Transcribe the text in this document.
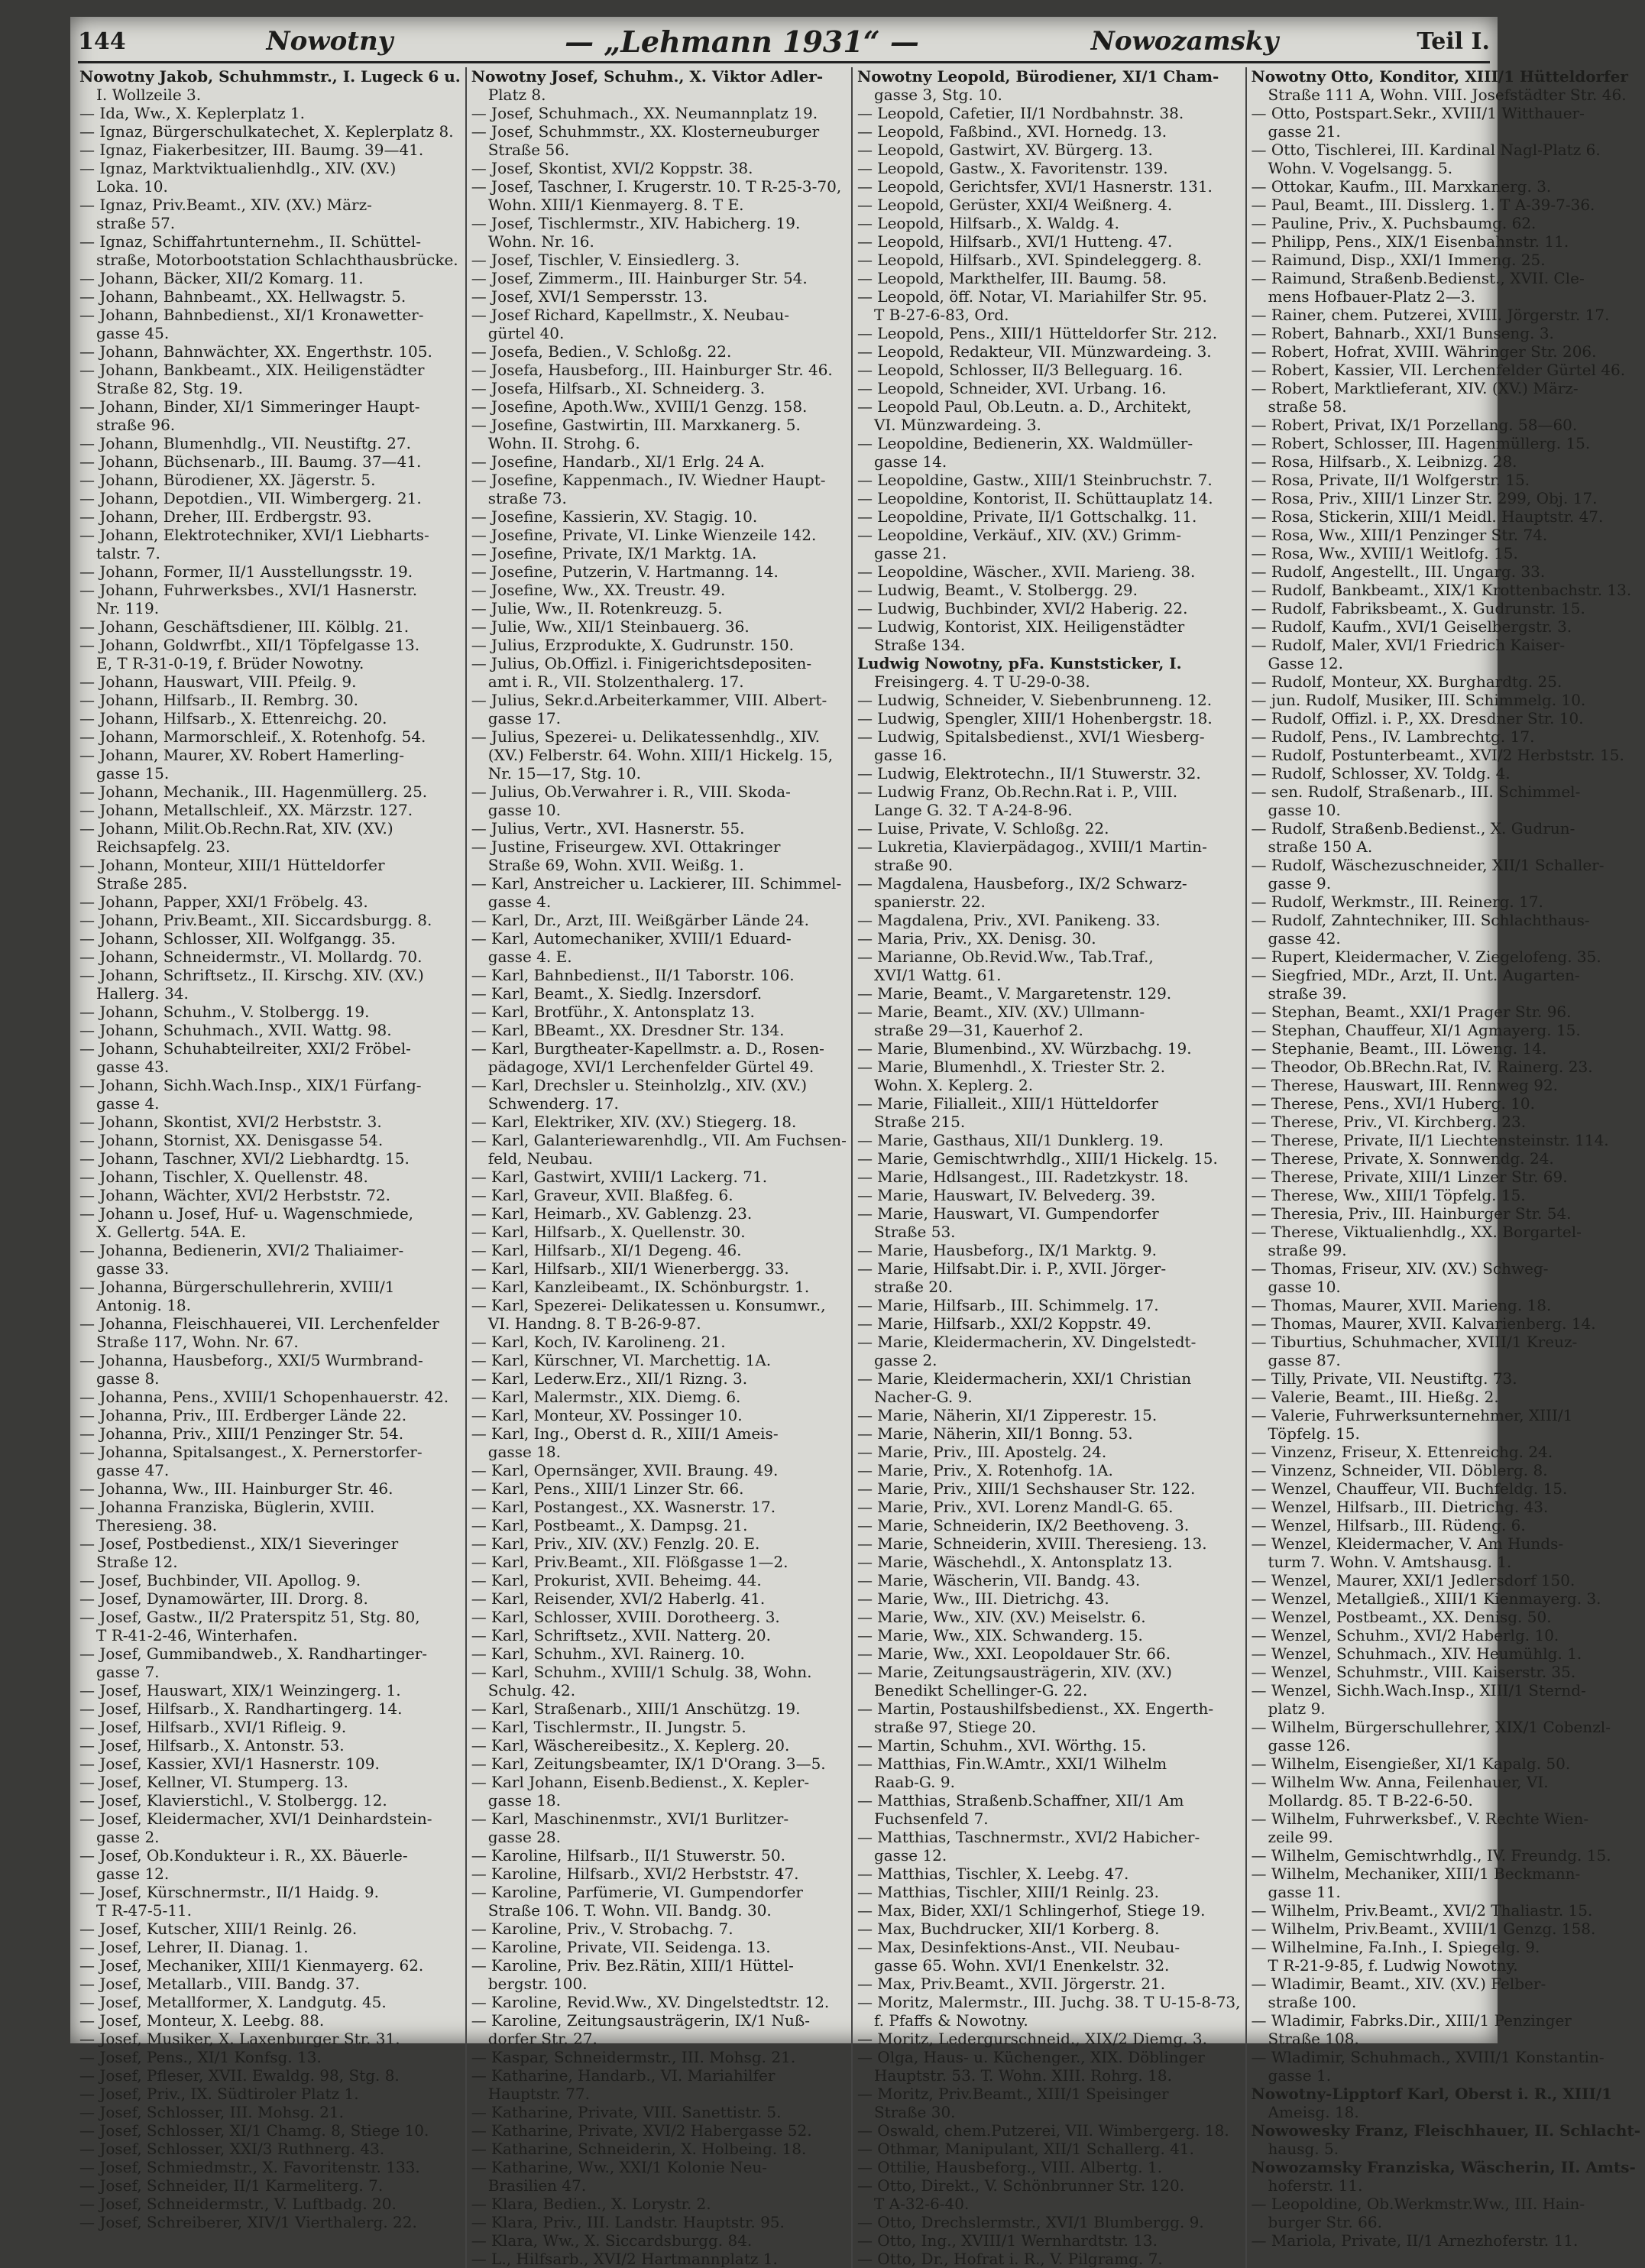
144	Nowotny	— „Lehmann 1931“ —	Nowozamsky	Teil I.
Nowotny Jakob, Schuhmmstr., I. Lugeck 6 u.
I. Wollzeile 3.
— Ida, Ww., X. Keplerplatz 1.
— Ignaz, Bürgerschulkatechet, X. Keplerplatz 8.
— Ignaz, Fiakerbesitzer, III. Baumg. 39—41.
— Ignaz, Marktviktualienhdlg., XIV. (XV.)
Loka. 10.
— Ignaz, Priv.Beamt., XIV. (XV.) März-
straße 57.
— Ignaz, Schiffahrtunternehm., II. Schüttel-
straße, Motorbootstation Schlachthausbrücke.
— Johann, Bäcker, XII/2 Komarg. 11.
— Johann, Bahnbeamt., XX. Hellwagstr. 5.
— Johann, Bahnbedienst., XI/1 Kronawetter-
gasse 45.
— Johann, Bahnwächter, XX. Engerthstr. 105.
— Johann, Bankbeamt., XIX. Heiligenstädter
Straße 82, Stg. 19.
— Johann, Binder, XI/1 Simmeringer Haupt-
straße 96.
— Johann, Blumenhdlg., VII. Neustiftg. 27.
— Johann, Büchsenarb., III. Baumg. 37—41.
— Johann, Bürodiener, XX. Jägerstr. 5.
— Johann, Depotdien., VII. Wimbergerg. 21.
— Johann, Dreher, III. Erdbergstr. 93.
— Johann, Elektrotechniker, XVI/1 Liebharts-
talstr. 7.
— Johann, Former, II/1 Ausstellungsstr. 19.
— Johann, Fuhrwerksbes., XVI/1 Hasnerstr.
Nr. 119.
— Johann, Geschäftsdiener, III. Kölblg. 21.
— Johann, Goldwrfbt., XII/1 Töpfelgasse 13.
E, T R-31-0-19, f. Brüder Nowotny.
— Johann, Hauswart, VIII. Pfeilg. 9.
— Johann, Hilfsarb., II. Rembrg. 30.
— Johann, Hilfsarb., X. Ettenreichg. 20.
— Johann, Marmorschleif., X. Rotenhofg. 54.
— Johann, Maurer, XV. Robert Hamerling-
gasse 15.
— Johann, Mechanik., III. Hagenmüllerg. 25.
— Johann, Metallschleif., XX. Märzstr. 127.
— Johann, Milit.Ob.Rechn.Rat, XIV. (XV.)
Reichsapfelg. 23.
— Johann, Monteur, XIII/1 Hütteldorfer
Straße 285.
— Johann, Papper, XXI/1 Fröbelg. 43.
— Johann, Priv.Beamt., XII. Siccardsburgg. 8.
— Johann, Schlosser, XII. Wolfgangg. 35.
— Johann, Schneidermstr., VI. Mollardg. 70.
— Johann, Schriftsetz., II. Kirschg. XIV. (XV.)
Hallerg. 34.
— Johann, Schuhm., V. Stolbergg. 19.
— Johann, Schuhmach., XVII. Wattg. 98.
— Johann, Schuhabteilreiter, XXI/2 Fröbel-
gasse 43.
— Johann, Sichh.Wach.Insp., XIX/1 Fürfang-
gasse 4.
— Johann, Skontist, XVI/2 Herbststr. 3.
— Johann, Stornist, XX. Denisgasse 54.
— Johann, Taschner, XVI/2 Liebhardtg. 15.
— Johann, Tischler, X. Quellenstr. 48.
— Johann, Wächter, XVI/2 Herbststr. 72.
— Johann u. Josef, Huf- u. Wagenschmiede,
X. Gellertg. 54A. E.
— Johanna, Bedienerin, XVI/2 Thaliaimer-
gasse 33.
— Johanna, Bürgerschullehrerin, XVIII/1
Antonig. 18.
— Johanna, Fleischhauerei, VII. Lerchenfelder
Straße 117, Wohn. Nr. 67.
— Johanna, Hausbeforg., XXI/5 Wurmbrand-
gasse 8.
— Johanna, Pens., XVIII/1 Schopenhauerstr. 42.
— Johanna, Priv., III. Erdberger Lände 22.
— Johanna, Priv., XIII/1 Penzinger Str. 54.
— Johanna, Spitalsangest., X. Pernerstorfer-
gasse 47.
— Johanna, Ww., III. Hainburger Str. 46.
— Johanna Franziska, Büglerin, XVIII.
Theresieng. 38.
— Josef, Postbedienst., XIX/1 Sieveringer
Straße 12.
— Josef, Buchbinder, VII. Apollog. 9.
— Josef, Dynamowärter, III. Drorg. 8.
— Josef, Gastw., II/2 Praterspitz 51, Stg. 80,
T R-41-2-46, Winterhafen.
— Josef, Gummibandweb., X. Randhartinger-
gasse 7.
— Josef, Hauswart, XIX/1 Weinzingerg. 1.
— Josef, Hilfsarb., X. Randhartingerg. 14.
— Josef, Hilfsarb., XVI/1 Rifleig. 9.
— Josef, Hilfsarb., X. Antonstr. 53.
— Josef, Kassier, XVI/1 Hasnerstr. 109.
— Josef, Kellner, VI. Stumperg. 13.
— Josef, Klavierstichl., V. Stolbergg. 12.
— Josef, Kleidermacher, XVI/1 Deinhardstein-
gasse 2.
— Josef, Ob.Kondukteur i. R., XX. Bäuerle-
gasse 12.
— Josef, Kürschnermstr., II/1 Haidg. 9.
T R-47-5-11.
— Josef, Kutscher, XIII/1 Reinlg. 26.
— Josef, Lehrer, II. Dianag. 1.
— Josef, Mechaniker, XIII/1 Kienmayerg. 62.
— Josef, Metallarb., VIII. Bandg. 37.
— Josef, Metallformer, X. Landgutg. 45.
— Josef, Monteur, X. Leebg. 88.
— Josef, Musiker, X. Laxenburger Str. 31.
— Josef, Pens., XI/1 Konfsg. 13.
— Josef, Pfleser, XVII. Ewaldg. 98, Stg. 8.
— Josef, Priv., IX. Südtiroler Platz 1.
— Josef, Schlosser, III. Mohsg. 21.
— Josef, Schlosser, XI/1 Chamg. 8, Stiege 10.
— Josef, Schlosser, XXI/3 Ruthnerg. 43.
— Josef, Schmiedmstr., X. Favoritenstr. 133.
— Josef, Schneider, II/1 Karmeliterg. 7.
— Josef, Schneidermstr., V. Luftbadg. 20.
— Josef, Schreiberer, XIV/1 Vierthalerg. 22.
Nowotny Josef, Schuhm., X. Viktor Adler-
Platz 8.
— Josef, Schuhmach., XX. Neumannplatz 19.
— Josef, Schuhmmstr., XX. Klosterneuburger
Straße 56.
— Josef, Skontist, XVI/2 Koppstr. 38.
— Josef, Taschner, I. Krugerstr. 10. T R-25-3-70,
Wohn. XIII/1 Kienmayerg. 8. T E.
— Josef, Tischlermstr., XIV. Habicherg. 19.
Wohn. Nr. 16.
— Josef, Tischler, V. Einsiedlerg. 3.
— Josef, Zimmerm., III. Hainburger Str. 54.
— Josef, XVI/1 Sempersstr. 13.
— Josef Richard, Kapellmstr., X. Neubau-
gürtel 40.
— Josefa, Bedien., V. Schloßg. 22.
— Josefa, Hausbeforg., III. Hainburger Str. 46.
— Josefa, Hilfsarb., XI. Schneiderg. 3.
— Josefine, Apoth.Ww., XVIII/1 Genzg. 158.
— Josefine, Gastwirtin, III. Marxkanerg. 5.
Wohn. II. Strohg. 6.
— Josefine, Handarb., XI/1 Erlg. 24 A.
— Josefine, Kappenmach., IV. Wiedner Haupt-
straße 73.
— Josefine, Kassierin, XV. Stagig. 10.
— Josefine, Private, VI. Linke Wienzeile 142.
— Josefine, Private, IX/1 Marktg. 1A.
— Josefine, Putzerin, V. Hartmanng. 14.
— Josefine, Ww., XX. Treustr. 49.
— Julie, Ww., II. Rotenkreuzg. 5.
— Julie, Ww., XII/1 Steinbauerg. 36.
— Julius, Erzprodukte, X. Gudrunstr. 150.
— Julius, Ob.Offizl. i. Finigerichtsdepositen-
amt i. R., VII. Stolzenthalerg. 17.
— Julius, Sekr.d.Arbeiterkammer, VIII. Albert-
gasse 17.
— Julius, Spezerei- u. Delikatessenhdlg., XIV.
(XV.) Felberstr. 64. Wohn. XIII/1 Hickelg. 15,
Nr. 15—17, Stg. 10.
— Julius, Ob.Verwahrer i. R., VIII. Skoda-
gasse 10.
— Julius, Vertr., XVI. Hasnerstr. 55.
— Justine, Friseurgew. XVI. Ottakringer
Straße 69, Wohn. XVII. Weißg. 1.
— Karl, Anstreicher u. Lackierer, III. Schimmel-
gasse 4.
— Karl, Dr., Arzt, III. Weißgärber Lände 24.
— Karl, Automechaniker, XVIII/1 Eduard-
gasse 4. E.
— Karl, Bahnbedienst., II/1 Taborstr. 106.
— Karl, Beamt., X. Siedlg. Inzersdorf.
— Karl, Brotführ., X. Antonsplatz 13.
— Karl, BBeamt., XX. Dresdner Str. 134.
— Karl, Burgtheater-Kapellmstr. a. D., Rosen-
pädagoge, XVI/1 Lerchenfelder Gürtel 49.
— Karl, Drechsler u. Steinholzlg., XIV. (XV.)
Schwenderg. 17.
— Karl, Elektriker, XIV. (XV.) Stiegerg. 18.
— Karl, Galanteriewarenhdlg., VII. Am Fuchsen-
feld, Neubau.
— Karl, Gastwirt, XVIII/1 Lackerg. 71.
— Karl, Graveur, XVII. Blaßfeg. 6.
— Karl, Heimarb., XV. Gablenzg. 23.
— Karl, Hilfsarb., X. Quellenstr. 30.
— Karl, Hilfsarb., XI/1 Degeng. 46.
— Karl, Hilfsarb., XII/1 Wienerbergg. 33.
— Karl, Kanzleibeamt., IX. Schönburgstr. 1.
— Karl, Spezerei- Delikatessen u. Konsumwr.,
VI. Handng. 8. T B-26-9-87.
— Karl, Koch, IV. Karolineng. 21.
— Karl, Kürschner, VI. Marchettig. 1A.
— Karl, Lederw.Erz., XII/1 Rizng. 3.
— Karl, Malermstr., XIX. Diemg. 6.
— Karl, Monteur, XV. Possinger 10.
— Karl, Ing., Oberst d. R., XIII/1 Ameis-
gasse 18.
— Karl, Opernsänger, XVII. Braung. 49.
— Karl, Pens., XIII/1 Linzer Str. 66.
— Karl, Postangest., XX. Wasnerstr. 17.
— Karl, Postbeamt., X. Dampsg. 21.
— Karl, Priv., XIV. (XV.) Fenzlg. 20. E.
— Karl, Priv.Beamt., XII. Flößgasse 1—2.
— Karl, Prokurist, XVII. Beheimg. 44.
— Karl, Reisender, XVI/2 Haberlg. 41.
— Karl, Schlosser, XVIII. Dorotheerg. 3.
— Karl, Schriftsetz., XVII. Natterg. 20.
— Karl, Schuhm., XVI. Rainerg. 10.
— Karl, Schuhm., XVIII/1 Schulg. 38, Wohn.
Schulg. 42.
— Karl, Straßenarb., XIII/1 Anschützg. 19.
— Karl, Tischlermstr., II. Jungstr. 5.
— Karl, Wäschereibesitz., X. Keplerg. 20.
— Karl, Zeitungsbeamter, IX/1 D'Orang. 3—5.
— Karl Johann, Eisenb.Bedienst., X. Kepler-
gasse 18.
— Karl, Maschinenmstr., XVI/1 Burlitzer-
gasse 28.
— Karoline, Hilfsarb., II/1 Stuwerstr. 50.
— Karoline, Hilfsarb., XVI/2 Herbststr. 47.
— Karoline, Parfümerie, VI. Gumpendorfer
Straße 106. T. Wohn. VII. Bandg. 30.
— Karoline, Priv., V. Strobachg. 7.
— Karoline, Private, VII. Seidenga. 13.
— Karoline, Priv. Bez.Rätin, XIII/1 Hüttel-
bergstr. 100.
— Karoline, Revid.Ww., XV. Dingelstedtstr. 12.
— Karoline, Zeitungsausträgerin, IX/1 Nuß-
dorfer Str. 27.
— Kaspar, Schneidermstr., III. Mohsg. 21.
— Katharine, Handarb., VI. Mariahilfer
Hauptstr. 77.
— Katharine, Private, VIII. Sanettistr. 5.
— Katharine, Private, XVI/2 Habergasse 52.
— Katharine, Schneiderin, X. Holbeing. 18.
— Katharine, Ww., XXI/1 Kolonie Neu-
Brasilien 47.
— Klara, Bedien., X. Lorystr. 2.
— Klara, Priv., III. Landstr. Hauptstr. 95.
— Klara, Ww., X. Siccardsburgg. 84.
— L., Hilfsarb., XVI/2 Hartmannplatz 1.
Nowotny Leopold, Bürodiener, XI/1 Cham-
gasse 3, Stg. 10.
— Leopold, Cafetier, II/1 Nordbahnstr. 38.
— Leopold, Faßbind., XVI. Hornedg. 13.
— Leopold, Gastwirt, XV. Bürgerg. 13.
— Leopold, Gastw., X. Favoritenstr. 139.
— Leopold, Gerichtsfer, XVI/1 Hasnerstr. 131.
— Leopold, Gerüster, XXI/4 Weißnerg. 4.
— Leopold, Hilfsarb., X. Waldg. 4.
— Leopold, Hilfsarb., XVI/1 Hutteng. 47.
— Leopold, Hilfsarb., XVI. Spindeleggerg. 8.
— Leopold, Markthelfer, III. Baumg. 58.
— Leopold, öff. Notar, VI. Mariahilfer Str. 95.
T B-27-6-83, Ord.
— Leopold, Pens., XIII/1 Hütteldorfer Str. 212.
— Leopold, Redakteur, VII. Münzwardeing. 3.
— Leopold, Schlosser, II/3 Belleguarg. 16.
— Leopold, Schneider, XVI. Urbang. 16.
— Leopold Paul, Ob.Leutn. a. D., Architekt,
VI. Münzwardeing. 3.
— Leopoldine, Bedienerin, XX. Waldmüller-
gasse 14.
— Leopoldine, Gastw., XIII/1 Steinbruchstr. 7.
— Leopoldine, Kontorist, II. Schüttauplatz 14.
— Leopoldine, Private, II/1 Gottschalkg. 11.
— Leopoldine, Verkäuf., XIV. (XV.) Grimm-
gasse 21.
— Leopoldine, Wäscher., XVII. Marieng. 38.
— Ludwig, Beamt., V. Stolbergg. 29.
— Ludwig, Buchbinder, XVI/2 Haberig. 22.
— Ludwig, Kontorist, XIX. Heiligenstädter
Straße 134.
Ludwig Nowotny, pFa. Kunststicker, I.
Freisingerg. 4. T U-29-0-38.
— Ludwig, Schneider, V. Siebenbrunneng. 12.
— Ludwig, Spengler, XIII/1 Hohenbergstr. 18.
— Ludwig, Spitalsbedienst., XVI/1 Wiesberg-
gasse 16.
— Ludwig, Elektrotechn., II/1 Stuwerstr. 32.
— Ludwig Franz, Ob.Rechn.Rat i. P., VIII.
Lange G. 32. T A-24-8-96.
— Luise, Private, V. Schloßg. 22.
— Lukretia, Klavierpädagog., XVIII/1 Martin-
straße 90.
— Magdalena, Hausbeforg., IX/2 Schwarz-
spanierstr. 22.
— Magdalena, Priv., XVI. Panikeng. 33.
— Maria, Priv., XX. Denisg. 30.
— Marianne, Ob.Revid.Ww., Tab.Traf.,
XVI/1 Wattg. 61.
— Marie, Beamt., V. Margaretenstr. 129.
— Marie, Beamt., XIV. (XV.) Ullmann-
straße 29—31, Kauerhof 2.
— Marie, Blumenbind., XV. Würzbachg. 19.
— Marie, Blumenhdl., X. Triester Str. 2.
Wohn. X. Keplerg. 2.
— Marie, Filialleit., XIII/1 Hütteldorfer
Straße 215.
— Marie, Gasthaus, XII/1 Dunklerg. 19.
— Marie, Gemischtwrhdlg., XIII/1 Hickelg. 15.
— Marie, Hdlsangest., III. Radetzkystr. 18.
— Marie, Hauswart, IV. Belvederg. 39.
— Marie, Hauswart, VI. Gumpendorfer
Straße 53.
— Marie, Hausbeforg., IX/1 Marktg. 9.
— Marie, Hilfsabt.Dir. i. P., XVII. Jörger-
straße 20.
— Marie, Hilfsarb., III. Schimmelg. 17.
— Marie, Hilfsarb., XXI/2 Koppstr. 49.
— Marie, Kleidermacherin, XV. Dingelstedt-
gasse 2.
— Marie, Kleidermacherin, XXI/1 Christian
Nacher-G. 9.
— Marie, Näherin, XI/1 Zipperestr. 15.
— Marie, Näherin, XII/1 Bonng. 53.
— Marie, Priv., III. Apostelg. 24.
— Marie, Priv., X. Rotenhofg. 1A.
— Marie, Priv., XIII/1 Sechshauser Str. 122.
— Marie, Priv., XVI. Lorenz Mandl-G. 65.
— Marie, Schneiderin, IX/2 Beethoveng. 3.
— Marie, Schneiderin, XVIII. Theresieng. 13.
— Marie, Wäschehdl., X. Antonsplatz 13.
— Marie, Wäscherin, VII. Bandg. 43.
— Marie, Ww., III. Dietrichg. 43.
— Marie, Ww., XIV. (XV.) Meiselstr. 6.
— Marie, Ww., XIX. Schwanderg. 15.
— Marie, Ww., XXI. Leopoldauer Str. 66.
— Marie, Zeitungsausträgerin, XIV. (XV.)
Benedikt Schellinger-G. 22.
— Martin, Postaushilfsbedienst., XX. Engerth-
straße 97, Stiege 20.
— Martin, Schuhm., XVI. Wörthg. 15.
— Matthias, Fin.W.Amtr., XXI/1 Wilhelm
Raab-G. 9.
— Matthias, Straßenb.Schaffner, XII/1 Am
Fuchsenfeld 7.
— Matthias, Taschnermstr., XVI/2 Habicher-
gasse 12.
— Matthias, Tischler, X. Leebg. 47.
— Matthias, Tischler, XIII/1 Reinlg. 23.
— Max, Bider, XXI/1 Schlingerhof, Stiege 19.
— Max, Buchdrucker, XII/1 Korberg. 8.
— Max, Desinfektions-Anst., VII. Neubau-
gasse 65. Wohn. XVI/1 Enenkelstr. 32.
— Max, Priv.Beamt., XVII. Jörgerstr. 21.
— Moritz, Malermstr., III. Juchg. 38. T U-15-8-73,
f. Pfaffs & Nowotny.
— Moritz, Ledergurschneid., XIX/2 Diemg. 3.
— Olga, Haus- u. Küchenger., XIX. Döblinger
Hauptstr. 53. T. Wohn. XIII. Rohrg. 18.
— Moritz, Priv.Beamt., XIII/1 Speisinger
Straße 30.
— Oswald, chem.Putzerei, VII. Wimbergerg. 18.
— Othmar, Manipulant, XII/1 Schallerg. 41.
— Ottilie, Hausbeforg., VIII. Albertg. 1.
— Otto, Direkt., V. Schönbrunner Str. 120.
T A-32-6-40.
— Otto, Drechslermstr., XVI/1 Blumbergg. 9.
— Otto, Ing., XVIII/1 Wernhardtstr. 13.
— Otto, Dr., Hofrat i. R., V. Pilgramg. 7.
Nowotny Otto, Konditor, XIII/1 Hütteldorfer
Straße 111 A, Wohn. VIII. Josefstädter Str. 46.
— Otto, Postspart.Sekr., XVIII/1 Witthauer-
gasse 21.
— Otto, Tischlerei, III. Kardinal Nagl-Platz 6.
Wohn. V. Vogelsangg. 5.
— Ottokar, Kaufm., III. Marxkanerg. 3.
— Paul, Beamt., III. Disslerg. 1. T A-39-7-36.
— Pauline, Priv., X. Puchsbaumg. 62.
— Philipp, Pens., XIX/1 Eisenbahnstr. 11.
— Raimund, Disp., XXI/1 Immeng. 25.
— Raimund, Straßenb.Bedienst., XVII. Cle-
mens Hofbauer-Platz 2—3.
— Rainer, chem. Putzerei, XVIII. Jörgerstr. 17.
— Robert, Bahnarb., XXI/1 Bunseng. 3.
— Robert, Hofrat, XVIII. Währinger Str. 206.
— Robert, Kassier, VII. Lerchenfelder Gürtel 46.
— Robert, Marktlieferant, XIV. (XV.) März-
straße 58.
— Robert, Privat, IX/1 Porzellang. 58—60.
— Robert, Schlosser, III. Hagenmüllerg. 15.
— Rosa, Hilfsarb., X. Leibnizg. 28.
— Rosa, Private, II/1 Wolfgerstr. 15.
— Rosa, Priv., XIII/1 Linzer Str. 299, Obj. 17.
— Rosa, Stickerin, XIII/1 Meidl. Hauptstr. 47.
— Rosa, Ww., XIII/1 Penzinger Str. 74.
— Rosa, Ww., XVIII/1 Weitlofg. 15.
— Rudolf, Angestellt., III. Ungarg. 33.
— Rudolf, Bankbeamt., XIX/1 Krottenbachstr. 13.
— Rudolf, Fabriksbeamt., X. Gudrunstr. 15.
— Rudolf, Kaufm., XVI/1 Geiselbergstr. 3.
— Rudolf, Maler, XVI/1 Friedrich Kaiser-
Gasse 12.
— Rudolf, Monteur, XX. Burghardtg. 25.
— jun. Rudolf, Musiker, III. Schimmelg. 10.
— Rudolf, Offizl. i. P., XX. Dresdner Str. 10.
— Rudolf, Pens., IV. Lambrechtg. 17.
— Rudolf, Postunterbeamt., XVI/2 Herbststr. 15.
— Rudolf, Schlosser, XV. Toldg. 4.
— sen. Rudolf, Straßenarb., III. Schimmel-
gasse 10.
— Rudolf, Straßenb.Bedienst., X. Gudrun-
straße 150 A.
— Rudolf, Wäschezuschneider, XII/1 Schaller-
gasse 9.
— Rudolf, Werkmstr., III. Reinerg. 17.
— Rudolf, Zahntechniker, III. Schlachthaus-
gasse 42.
— Rupert, Kleidermacher, V. Ziegelofeng. 35.
— Siegfried, MDr., Arzt, II. Unt. Augarten-
straße 39.
— Stephan, Beamt., XXI/1 Prager Str. 96.
— Stephan, Chauffeur, XI/1 Agmayerg. 15.
— Stephanie, Beamt., III. Löweng. 14.
— Theodor, Ob.BRechn.Rat, IV. Rainerg. 23.
— Therese, Hauswart, III. Rennweg 92.
— Therese, Pens., XVI/1 Huberg. 10.
— Therese, Priv., VI. Kirchberg. 23.
— Therese, Private, II/1 Liechtensteinstr. 114.
— Therese, Private, X. Sonnwendg. 24.
— Therese, Private, XIII/1 Linzer Str. 69.
— Therese, Ww., XIII/1 Töpfelg. 15.
— Theresia, Priv., III. Hainburger Str. 54.
— Therese, Viktualienhdlg., XX. Borgartel-
straße 99.
— Thomas, Friseur, XIV. (XV.) Schweg-
gasse 10.
— Thomas, Maurer, XVII. Marieng. 18.
— Thomas, Maurer, XVII. Kalvarienberg. 14.
— Tiburtius, Schuhmacher, XVIII/1 Kreuz-
gasse 87.
— Tilly, Private, VII. Neustiftg. 73.
— Valerie, Beamt., III. Hießg. 2.
— Valerie, Fuhrwerksunternehmer, XIII/1
Töpfelg. 15.
— Vinzenz, Friseur, X. Ettenreichg. 24.
— Vinzenz, Schneider, VII. Döblerg. 8.
— Wenzel, Chauffeur, VII. Buchfeldg. 15.
— Wenzel, Hilfsarb., III. Dietrichg. 43.
— Wenzel, Hilfsarb., III. Rüdeng. 6.
— Wenzel, Kleidermacher, V. Am Hunds-
turm 7. Wohn. V. Amtshausg. 1.
— Wenzel, Maurer, XXI/1 Jedlersdorf 150.
— Wenzel, Metallgieß., XIII/1 Kienmayerg. 3.
— Wenzel, Postbeamt., XX. Denisg. 50.
— Wenzel, Schuhm., XVI/2 Haberlg. 10.
— Wenzel, Schuhmach., XIV. Heumühlg. 1.
— Wenzel, Schuhmstr., VIII. Kaiserstr. 35.
— Wenzel, Sichh.Wach.Insp., XIII/1 Sternd-
platz 9.
— Wilhelm, Bürgerschullehrer, XIX/1 Cobenzl-
gasse 126.
— Wilhelm, Eisengießer, XI/1 Kapalg. 50.
— Wilhelm Ww. Anna, Feilenhauer, VI.
Mollardg. 85. T B-22-6-50.
— Wilhelm, Fuhrwerksbef., V. Rechte Wien-
zeile 99.
— Wilhelm, Gemischtwrhdlg., IV. Freundg. 15.
— Wilhelm, Mechaniker, XIII/1 Beckmann-
gasse 11.
— Wilhelm, Priv.Beamt., XVI/2 Thaliastr. 15.
— Wilhelm, Priv.Beamt., XVIII/1 Genzg. 158.
— Wilhelmine, Fa.Inh., I. Spiegelg. 9.
T R-21-9-85, f. Ludwig Nowotny.
— Wladimir, Beamt., XIV. (XV.) Felber-
straße 100.
— Wladimir, Fabrks.Dir., XIII/1 Penzinger
Straße 108.
— Wladimir, Schuhmach., XVIII/1 Konstantin-
gasse 1.
Nowotny-Lipptorf Karl, Oberst i. R., XIII/1
Ameisg. 18.
Nowowesky Franz, Fleischhauer, II. Schlacht-
hausg. 5.
Nowozamsky Franziska, Wäscherin, II. Amts-
hoferstr. 11.
— Leopoldine, Ob.Werkmstr.Ww., III. Hain-
burger Str. 66.
— Mariola, Private, II/1 Arnezhoferstr. 11.
